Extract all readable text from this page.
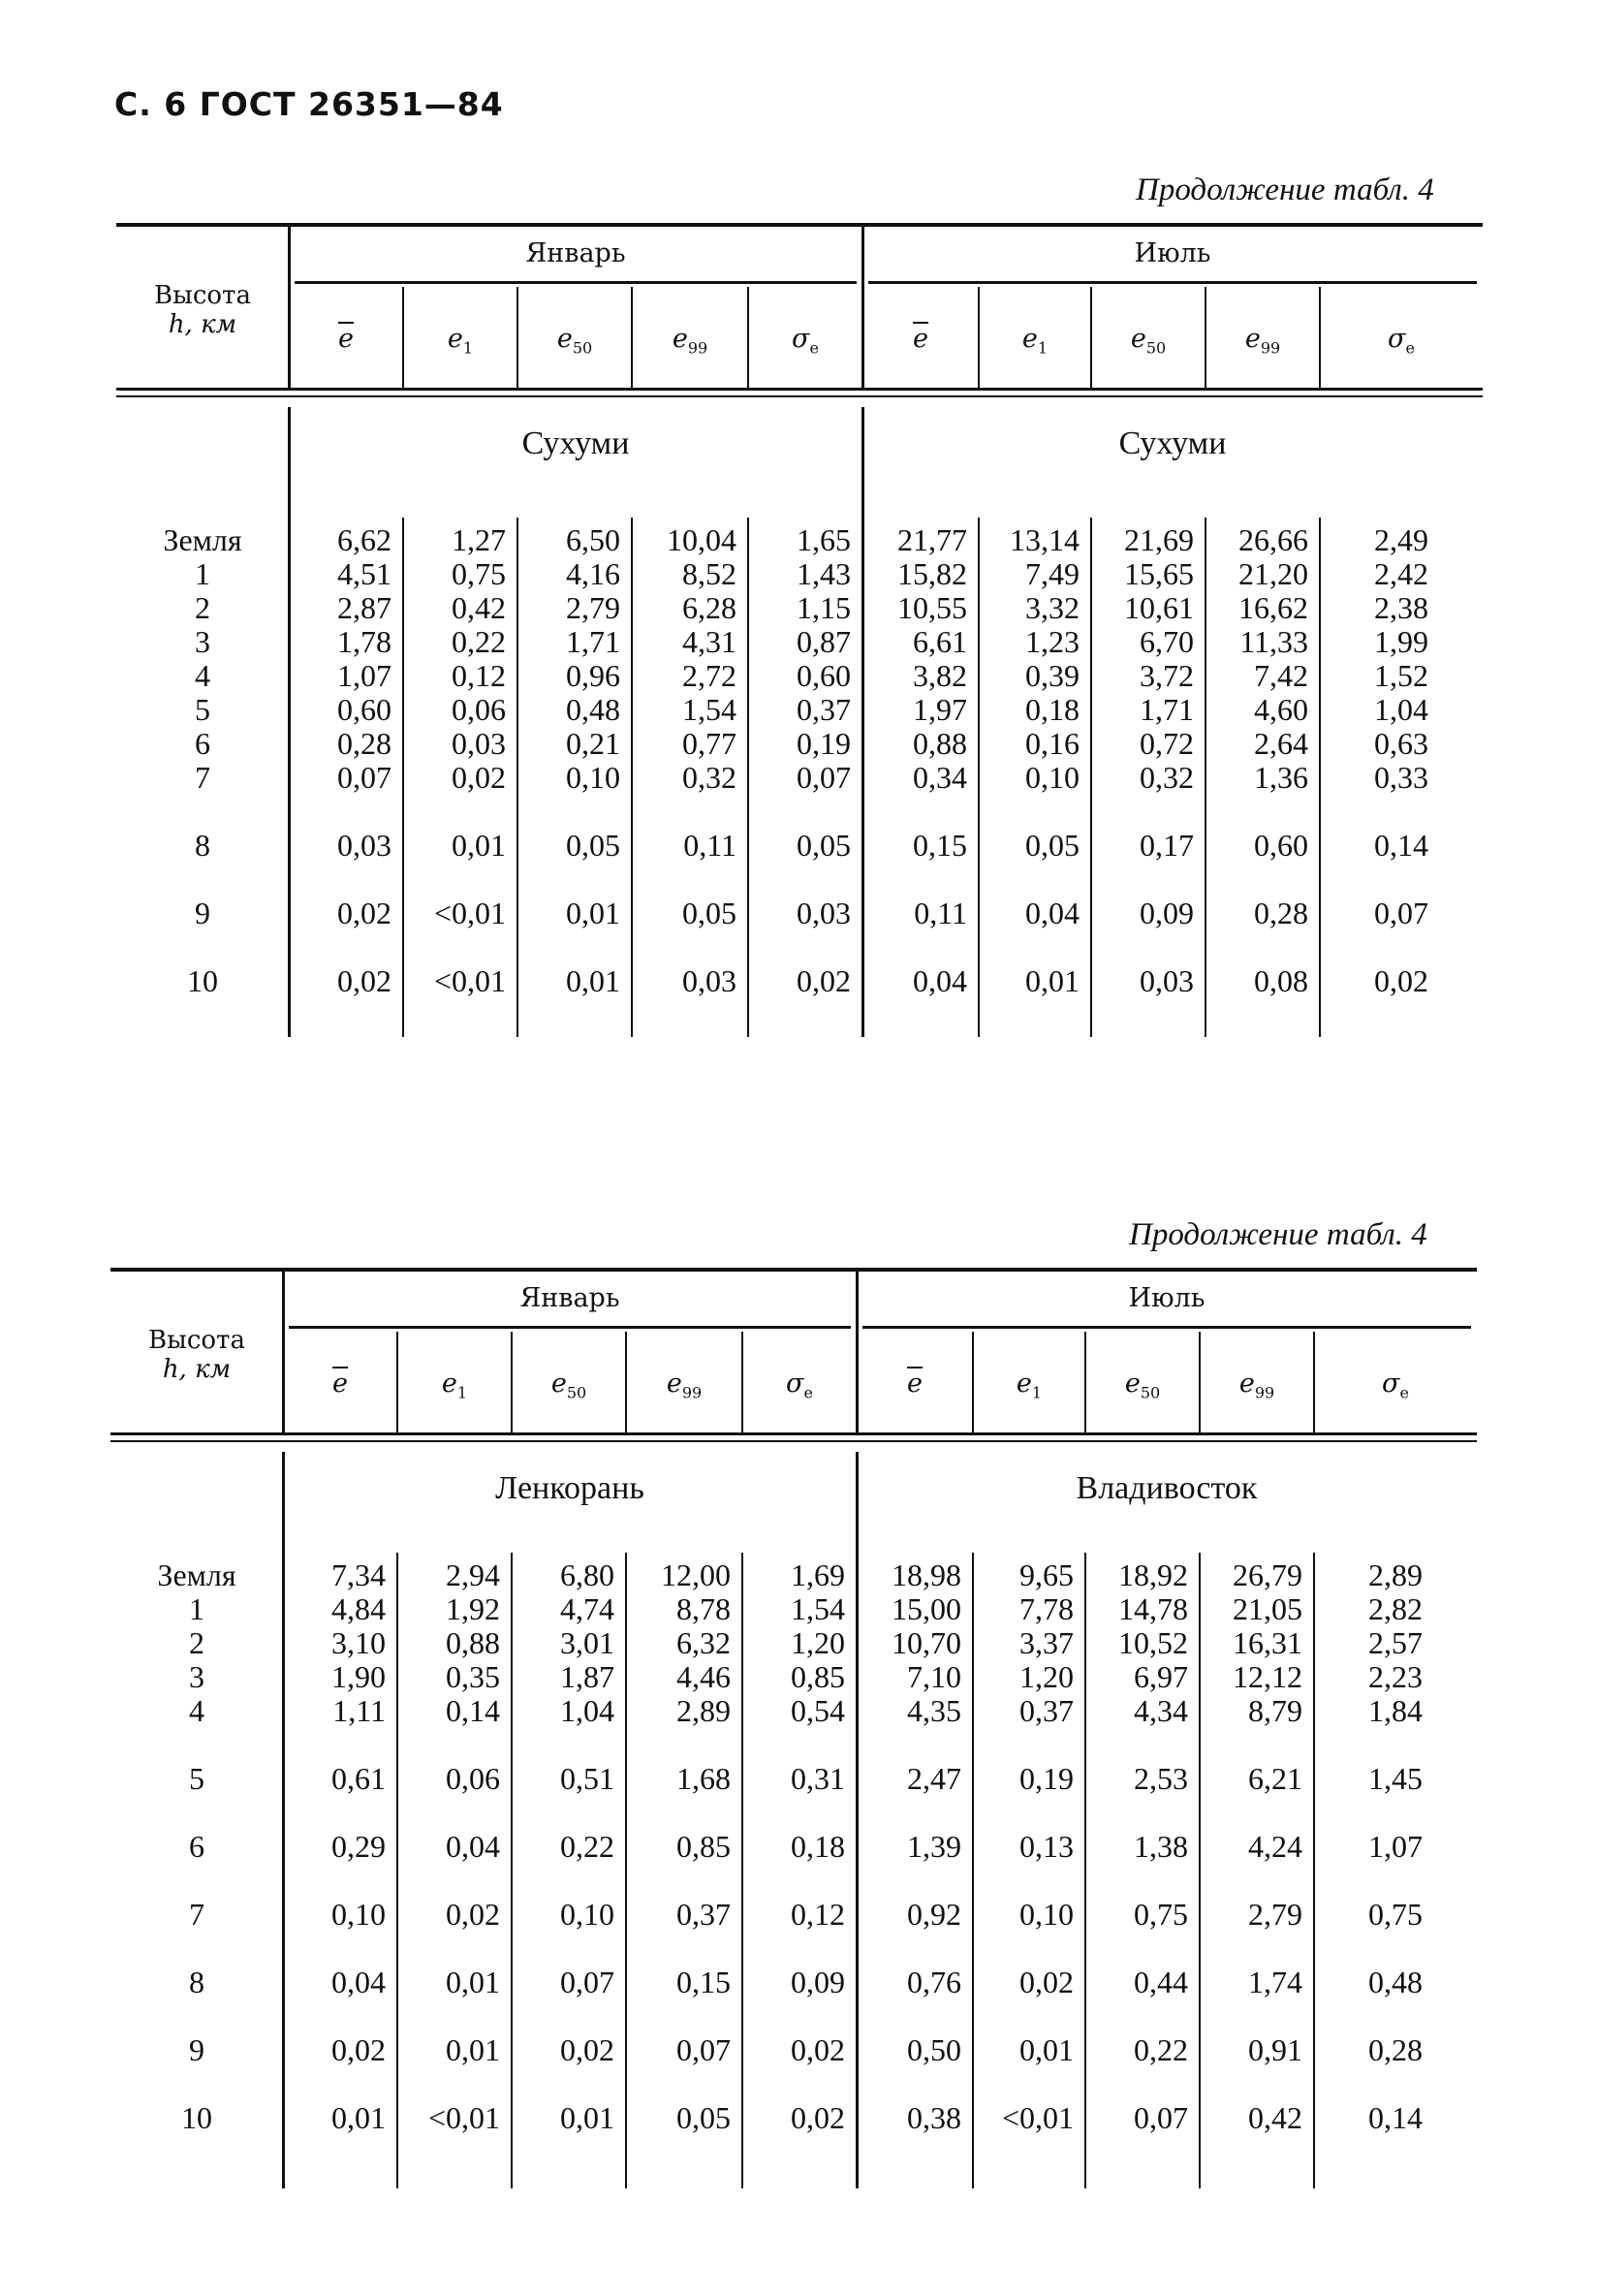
С. 6 ГОСТ 26351—84
Продолжение табл. 4
Высота
h, км
Январь	Июль
$\overline{e}$	$e_1$	$e_{50}$	$e_{99}$	$\sigma_e$	$\overline{e}$	$e_1$	$e_{50}$	$e_{99}$	$\sigma_e$
Сухуми	Сухуми
Земля	6,62	1,27	6,50	10,04	1,65	21,77	13,14	21,69	26,66	2,49
1	4,51	0,75	4,16	8,52	1,43	15,82	7,49	15,65	21,20	2,42
2	2,87	0,42	2,79	6,28	1,15	10,55	3,32	10,61	16,62	2,38
3	1,78	0,22	1,71	4,31	0,87	6,61	1,23	6,70	11,33	1,99
4	1,07	0,12	0,96	2,72	0,60	3,82	0,39	3,72	7,42	1,52
5	0,60	0,06	0,48	1,54	0,37	1,97	0,18	1,71	4,60	1,04
6	0,28	0,03	0,21	0,77	0,19	0,88	0,16	0,72	2,64	0,63
7	0,07	0,02	0,10	0,32	0,07	0,34	0,10	0,32	1,36	0,33
8	0,03	0,01	0,05	0,11	0,05	0,15	0,05	0,17	0,60	0,14
9	0,02	<0,01	0,01	0,05	0,03	0,11	0,04	0,09	0,28	0,07
10	0,02	<0,01	0,01	0,03	0,02	0,04	0,01	0,03	0,08	0,02
Продолжение табл. 4
Высота
h, км
Январь	Июль
$\overline{e}$	$e_1$	$e_{50}$	$e_{99}$	$\sigma_e$	$\overline{e}$	$e_1$	$e_{50}$	$e_{99}$	$\sigma_e$
Ленкорань	Владивосток
Земля	7,34	2,94	6,80	12,00	1,69	18,98	9,65	18,92	26,79	2,89
1	4,84	1,92	4,74	8,78	1,54	15,00	7,78	14,78	21,05	2,82
2	3,10	0,88	3,01	6,32	1,20	10,70	3,37	10,52	16,31	2,57
3	1,90	0,35	1,87	4,46	0,85	7,10	1,20	6,97	12,12	2,23
4	1,11	0,14	1,04	2,89	0,54	4,35	0,37	4,34	8,79	1,84
5	0,61	0,06	0,51	1,68	0,31	2,47	0,19	2,53	6,21	1,45
6	0,29	0,04	0,22	0,85	0,18	1,39	0,13	1,38	4,24	1,07
7	0,10	0,02	0,10	0,37	0,12	0,92	0,10	0,75	2,79	0,75
8	0,04	0,01	0,07	0,15	0,09	0,76	0,02	0,44	1,74	0,48
9	0,02	0,01	0,02	0,07	0,02	0,50	0,01	0,22	0,91	0,28
10	0,01	<0,01	0,01	0,05	0,02	0,38	<0,01	0,07	0,42	0,14
